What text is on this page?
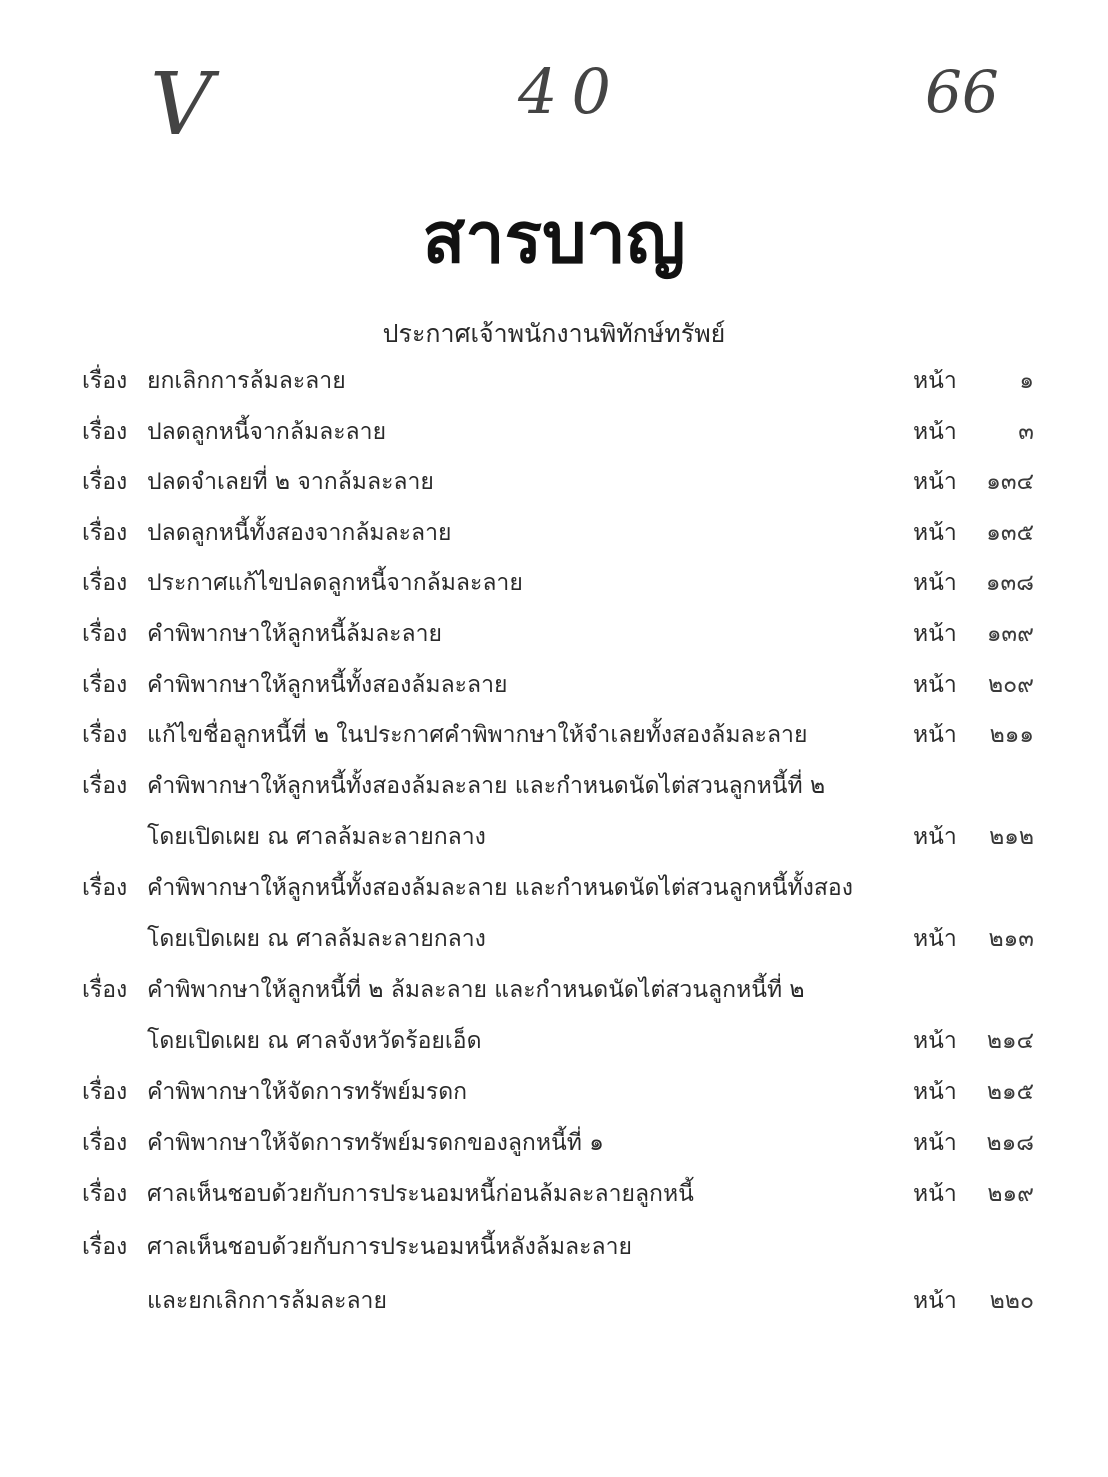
V	40	66
สารบาญ
ประกาศเจ้าพนักงานพิทักษ์ทรัพย์
เรื่อง ยกเลิกการล้มละลาย	หน้า	๑
เรื่อง ปลดลูกหนี้จากล้มละลาย	หน้า	๓
เรื่อง ปลดจำเลยที่ ๒ จากล้มละลาย	หน้า ๑๓๔
เรื่อง ปลดลูกหนี้ทั้งสองจากล้มละลาย	หน้า ๑๓๕
เรื่อง ประกาศแก้ไขปลดลูกหนี้จากล้มละลาย	หน้า ๑๓๘
เรื่อง คำพิพากษาให้ลูกหนี้ล้มละลาย	หน้า ๑๓๙
เรื่อง คำพิพากษาให้ลูกหนี้ทั้งสองล้มละลาย	หน้า ๒๐๙
เรื่อง แก้ไขชื่อลูกหนี้ที่ ๒ ในประกาศคำพิพากษาให้จำเลยทั้งสองล้มละลาย	หน้า ๒๑๑
เรื่อง คำพิพากษาให้ลูกหนี้ทั้งสองล้มละลาย และกำหนดนัดไต่สวนลูกหนี้ที่ ๒
โดยเปิดเผย ณ ศาลล้มละลายกลาง	หน้า ๒๑๒
เรื่อง คำพิพากษาให้ลูกหนี้ทั้งสองล้มละลาย และกำหนดนัดไต่สวนลูกหนี้ทั้งสอง
โดยเปิดเผย ณ ศาลล้มละลายกลาง	หน้า ๒๑๓
เรื่อง คำพิพากษาให้ลูกหนี้ที่ ๒ ล้มละลาย และกำหนดนัดไต่สวนลูกหนี้ที่ ๒
โดยเปิดเผย ณ ศาลจังหวัดร้อยเอ็ด	หน้า ๒๑๔
เรื่อง คำพิพากษาให้จัดการทรัพย์มรดก	หน้า ๒๑๕
เรื่อง คำพิพากษาให้จัดการทรัพย์มรดกของลูกหนี้ที่ ๑	หน้า ๒๑๘
เรื่อง ศาลเห็นชอบด้วยกับการประนอมหนี้ก่อนล้มละลายลูกหนี้	หน้า ๒๑๙
เรื่อง ศาลเห็นชอบด้วยกับการประนอมหนี้หลังล้มละลาย
และยกเลิกการล้มละลาย	หน้า ๒๒๐
